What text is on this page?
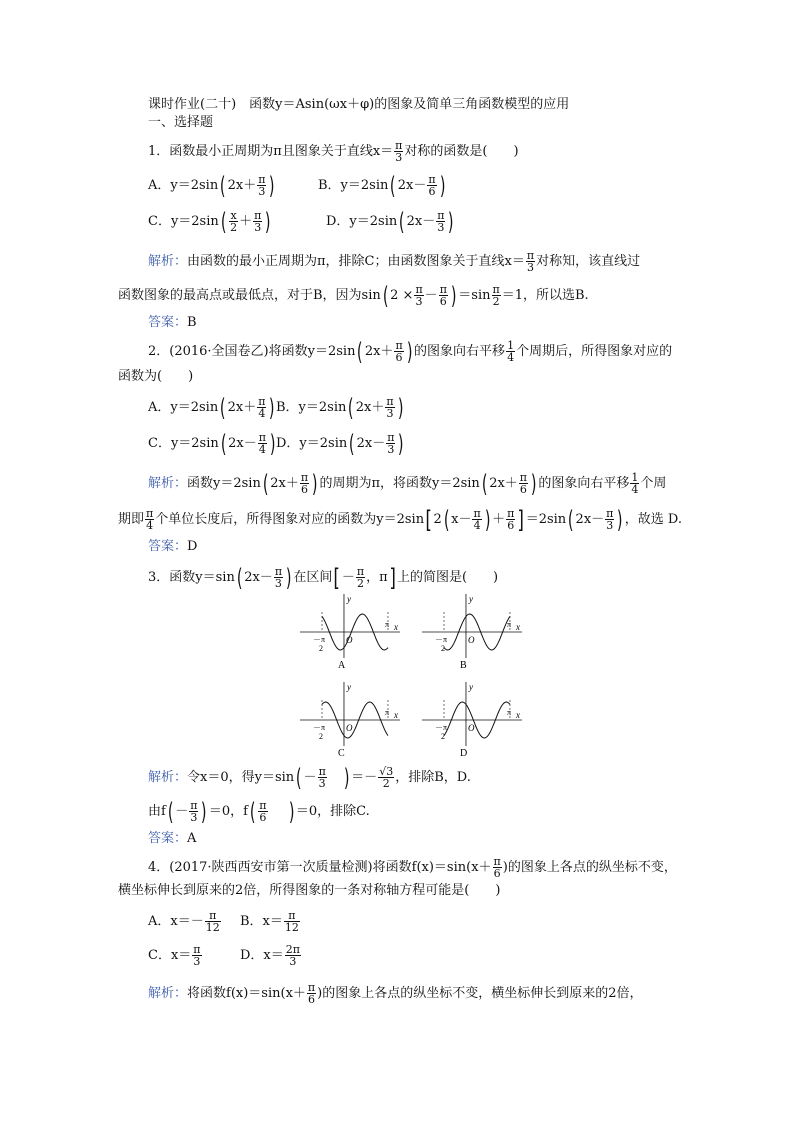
课时作业(二十)　函数y＝Asin(ωx＋φ)的图象及简单三角函数模型的应用
一、选择题
1．函数最小正周期为π且图象关于直线$x= \frac{\pi}{3}$ 对称的函数是(　　)
A．y＝2sin( $2x+ \frac{\pi}{3}$ )	B．y＝2sin( $2x- \frac{\pi}{6}$ )
C．$y=2\sin( \frac{x}{2} + \frac{\pi}{3}$ )	D．y＝2sin( $2x- \frac{\pi}{3}$ )
解析：由函数的最小正周期为π，排除C；由函数图象关于直线$x= \frac{\pi}{3}$ 对称知，该直线过
函数图象的最高点或最低点，对于B，因为sin( $2 \times \frac{\pi}{3} - \frac{\pi}{6}$ ) $=\sin \frac{\pi}{2} =1$，所以选B.
答案：B
2．(2016·全国卷乙)将函数y＝2sin( $2x+ \frac{\pi}{6}$ ) 的图象向右平移 $\frac{1}{4}$ 个周期后，所得图象对应的
函数为(　　)
A．y＝2sin( $2x+ \frac{\pi}{4}$ ) B．y＝2sin( $2x+ \frac{\pi}{3}$ )
C．y＝2sin( $2x- \frac{\pi}{4}$ ) D．y＝2sin( $2x- \frac{\pi}{3}$ )
解析：函数y＝2sin( $2x+ \frac{\pi}{6}$ ) 的周期为π，将函数y＝2sin( $2x+ \frac{\pi}{6}$ ) 的图象向右平移 $\frac{1}{4}$ 个周
期即 $\frac{\pi}{4}$ 个单位长度后，所得图象对应的函数为y＝2sin[2( $x- \frac{\pi}{4}$ ) ＋ $\frac{\pi}{6} ]=2\sin$( $2x- \frac{\pi}{3}$ ) ，故选 D.
答案：D
3．函数y＝sin( $2x- \frac{\pi}{3}$ ) 在区间[－ $\frac{\pi}{2}$ ，π]上的简图是(　　)
y
x
O
－π
2
π
A
y
x
O
－π
2
π
B
y
x
O
－π
2
π
C
y
x
O
－π
2
π
D
解析：令x＝0，得$y=\sin( - \frac{\pi}{3}$ ) ＝－ $\frac{√3}{2}$ ，排除B，D.
由$f( - \frac{\pi}{3}$ ) ＝0，$f( \frac{\pi}{6}$ ) ＝0，排除C.
答案：A
4．(2017·陕西西安市第一次质量检测)将函数$f(x)=\sin(x+ \frac{\pi}{6}$ )的图象上各点的纵坐标不变，
横坐标伸长到原来的2倍，所得图象的一条对称轴方程可能是(　　)
A．$x=- \frac{\pi}{12}$ B．$x= \frac{\pi}{12}$
C．$x= \frac{\pi}{3}$	D．$x= \frac{2\pi}{3}$
解析：将函数$f(x)=\sin(x+ \frac{\pi}{6}$ )的图象上各点的纵坐标不变，横坐标伸长到原来的2倍，
